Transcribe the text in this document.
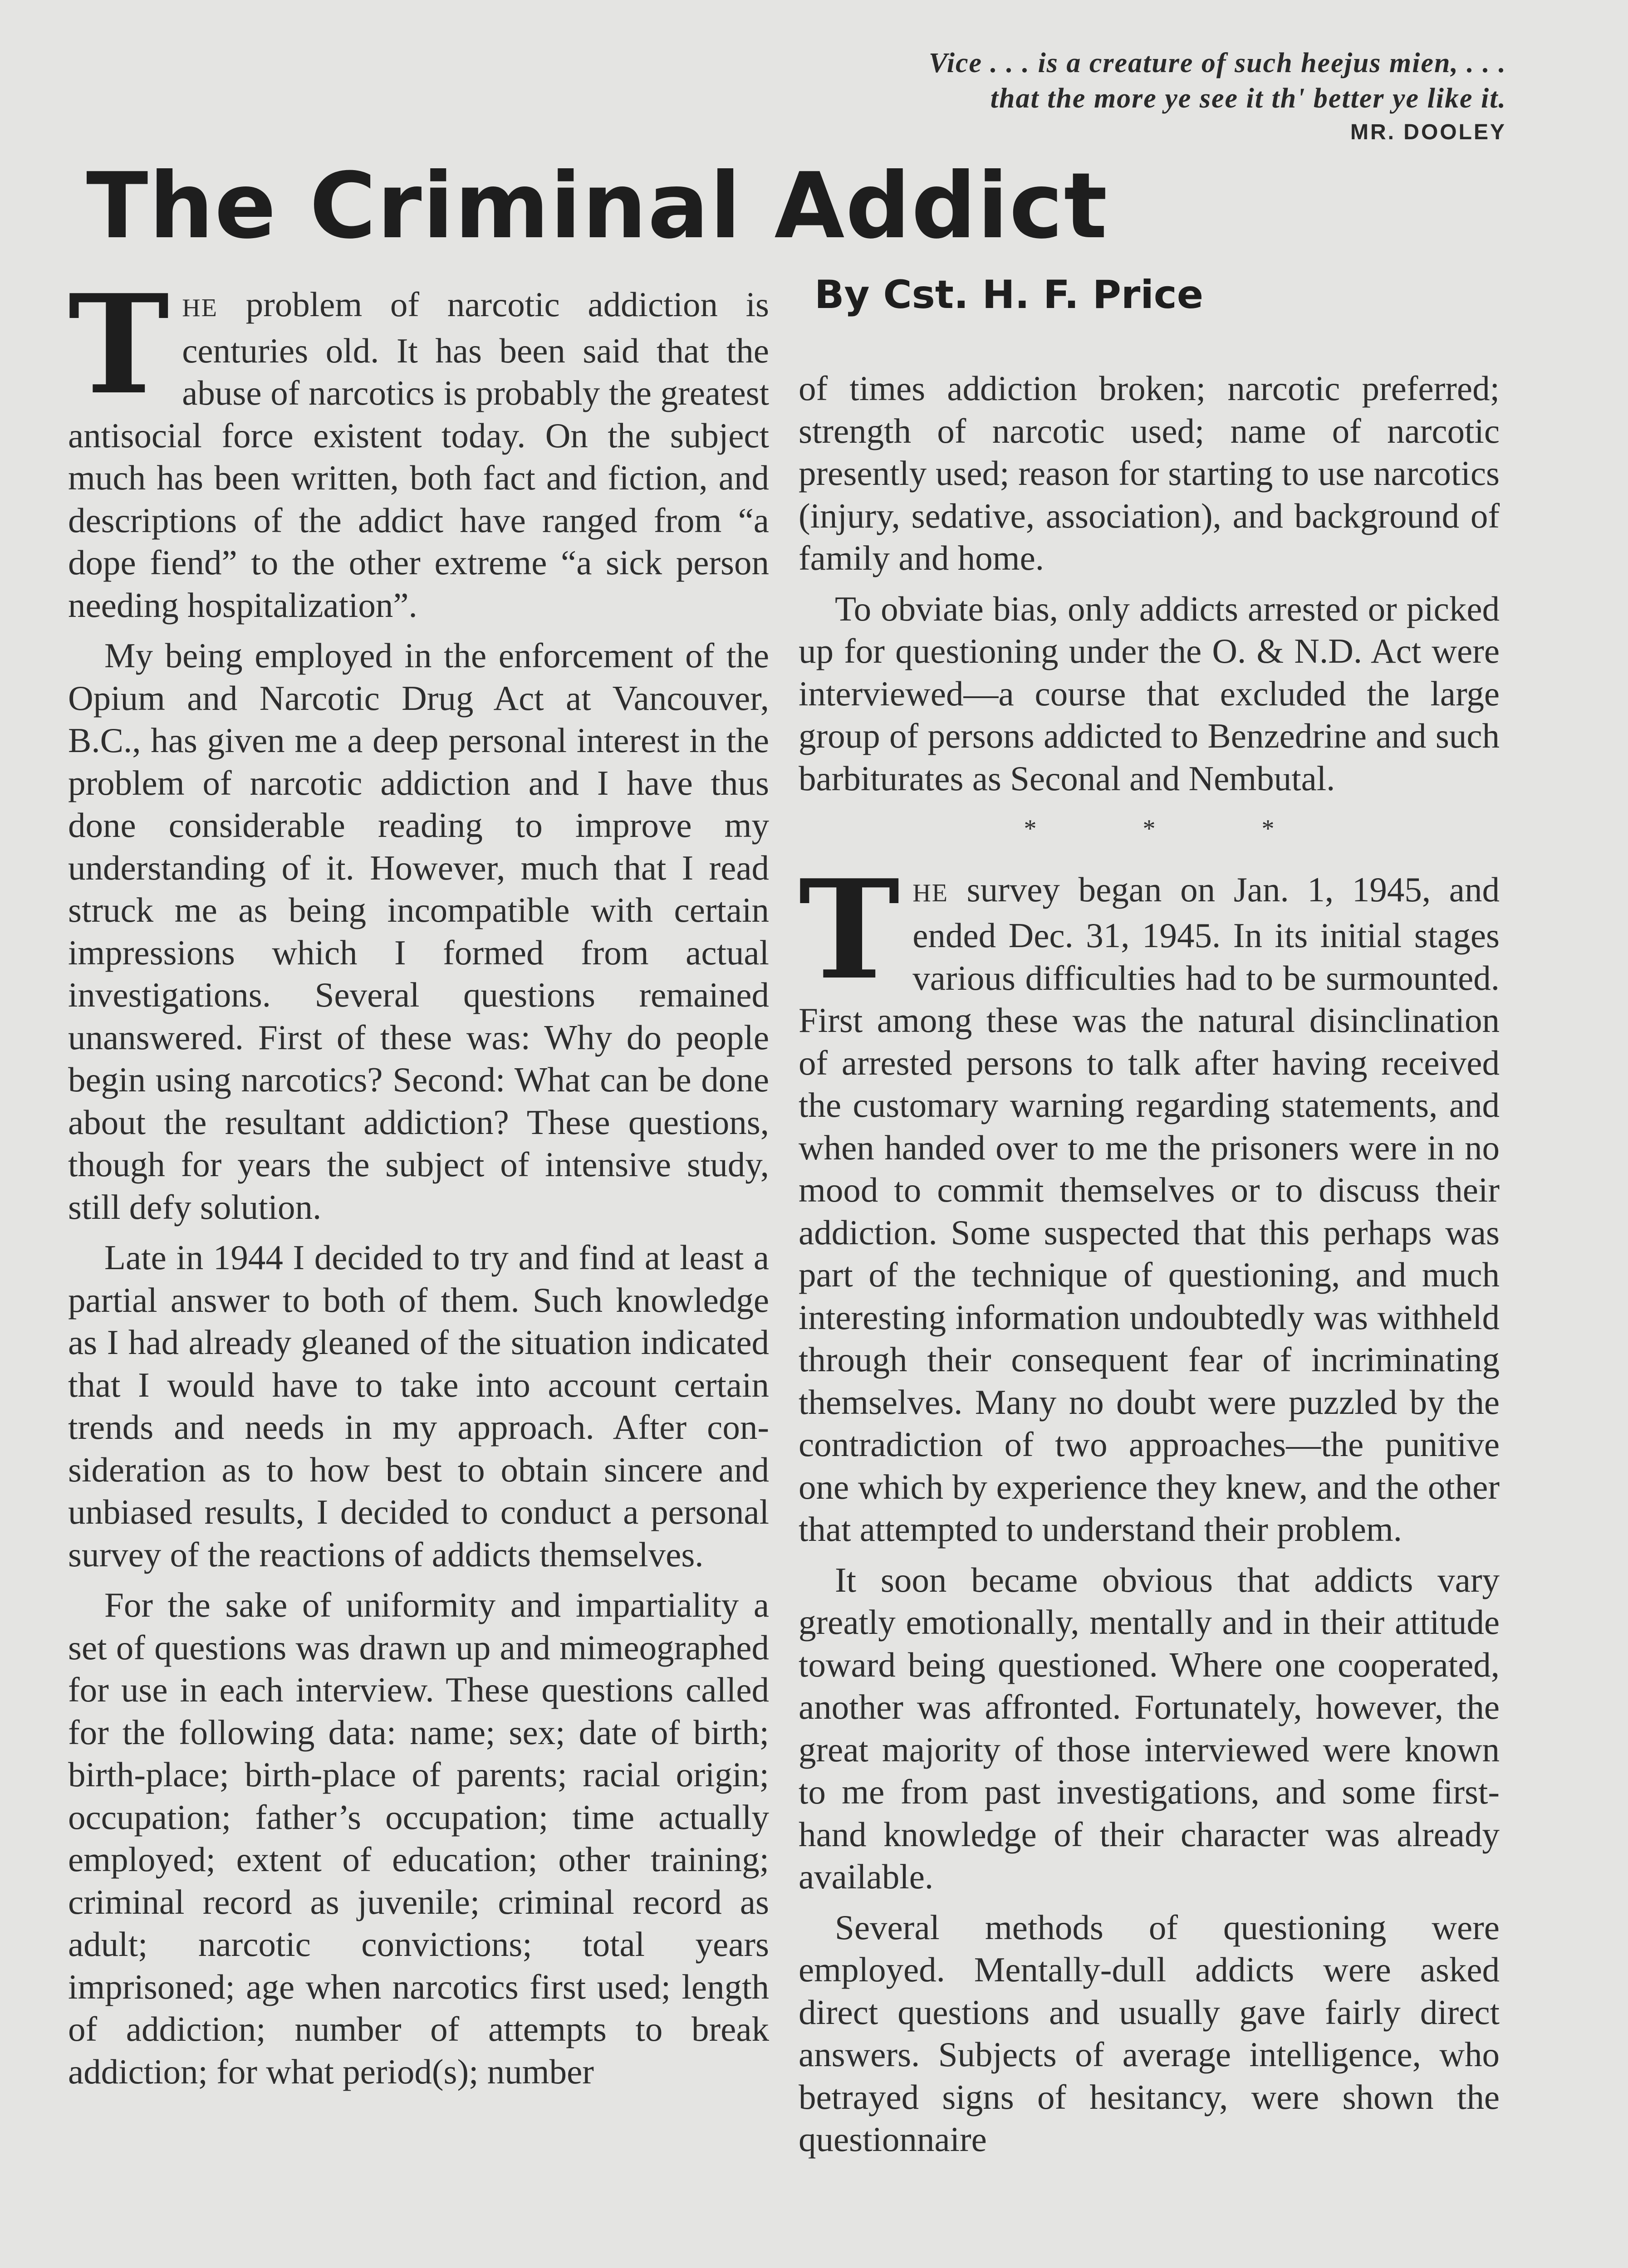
Vice . . . is a creature of such heejus mien, . . .
that the more ye see it th' better ye like it.
MR. DOOLEY
The Criminal Addict
By Cst. H. F. Price

THE problem of narcotic addiction is centuries old. It has been said that the abuse of narcotics is probably the greatest antisocial force existent today. On the subject much has been written, both fact and fiction, and descriptions of the addict have ranged from “a dope fiend” to the other extreme “a sick person needing hospitalization”.

My being employed in the enforcement of the Opium and Narcotic Drug Act at Vancouver, B.C., has given me a deep personal interest in the problem of narcotic addiction and I have thus done considerable reading to improve my understanding of it. However, much that I read struck me as being incompatible with certain impressions which I formed from actual investigations. Several questions remained unanswered. First of these was: Why do people begin using narcotics? Second: What can be done about the resultant addiction? These questions, though for years the subject of intensive study, still defy solution.

Late in 1944 I decided to try and find at least a partial answer to both of them. Such knowledge as I had already gleaned of the situation indicated that I would have to take into account certain trends and needs in my approach. After consideration as to how best to obtain sincere and unbiased results, I decided to conduct a personal survey of the reactions of addicts themselves.

For the sake of uniformity and impartiality a set of questions was drawn up and mimeographed for use in each interview. These questions called for the following data: name; sex; date of birth; birth-place; birth-place of parents; racial origin; occupation; father’s occupation; time actually employed; extent of education; other training; criminal record as juvenile; criminal record as adult; narcotic convictions; total years imprisoned; age when narcotics first used; length of addiction; number of attempts to break addiction; for what period(s); number

of times addiction broken; narcotic preferred; strength of narcotic used; name of narcotic presently used; reason for starting to use narcotics (injury, sedative, association), and background of family and home.

To obviate bias, only addicts arrested or picked up for questioning under the O. & N.D. Act were interviewed—a course that excluded the large group of persons addicted to Benzedrine and such barbiturates as Seconal and Nembutal.

* * *

THE survey began on Jan. 1, 1945, and ended Dec. 31, 1945. In its initial stages various difficulties had to be surmounted. First among these was the natural disinclination of arrested persons to talk after having received the customary warning regarding statements, and when handed over to me the prisoners were in no mood to commit themselves or to discuss their addiction. Some suspected that this perhaps was part of the technique of questioning, and much interesting information undoubtedly was withheld through their consequent fear of incriminating themselves. Many no doubt were puzzled by the contradiction of two approaches—the punitive one which by experience they knew, and the other that attempted to understand their problem.

It soon became obvious that addicts vary greatly emotionally, mentally and in their attitude toward being questioned. Where one cooperated, another was affronted. Fortunately, however, the great majority of those interviewed were known to me from past investigations, and some first-hand knowledge of their character was already available.

Several methods of questioning were employed. Mentally-dull addicts were asked direct questions and usually gave fairly direct answers. Subjects of average intelligence, who betrayed signs of hesitancy, were shown the questionnaire
